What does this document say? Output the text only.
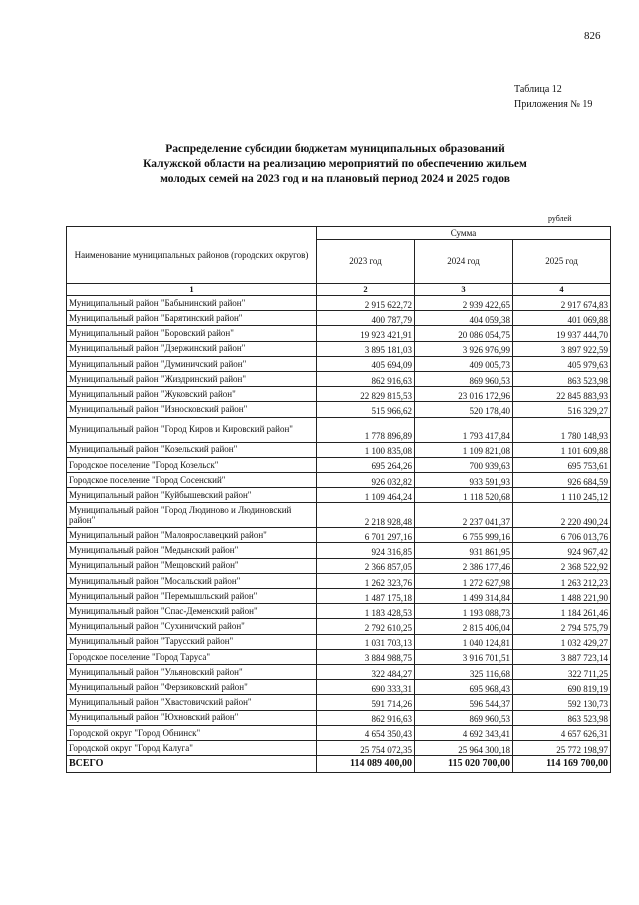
826
Таблица 12
Приложения № 19
Распределение субсидии бюджетам муниципальных образований
Калужской области на реализацию мероприятий по обеспечению жильем
молодых семей на 2023 год и на плановый период 2024 и 2025 годов
рублей
Наименование муниципальных районов (городских округов)	Сумма		
	2023 год	2024 год	2025 год
1	2	3	4
Муниципальный район "Бабынинский район"	2 915 622,72	2 939 422,65	2 917 674,83
Муниципальный район "Барятинский район"	400 787,79	404 059,38	401 069,88
Муниципальный район "Боровский район"	19 923 421,91	20 086 054,75	19 937 444,70
Муниципальный район "Дзержинский район"	3 895 181,03	3 926 976,99	3 897 922,59
Муниципальный район "Думиничский район"	405 694,09	409 005,73	405 979,63
Муниципальный район "Жиздринский район"	862 916,63	869 960,53	863 523,98
Муниципальный район "Жуковский район"	22 829 815,53	23 016 172,96	22 845 883,93
Муниципальный район "Износковский район"	515 966,62	520 178,40	516 329,27
Муниципальный район "Город Киров и Кировский район"	1 778 896,89	1 793 417,84	1 780 148,93
Муниципальный район "Козельский район"	1 100 835,08	1 109 821,08	1 101 609,88
Городское поселение "Город Козельск"	695 264,26	700 939,63	695 753,61
Городское поселение "Город Сосенский"	926 032,82	933 591,93	926 684,59
Муниципальный район "Куйбышевский район"	1 109 464,24	1 118 520,68	1 110 245,12
Муниципальный район "Город Людиново и Людиновский район"	2 218 928,48	2 237 041,37	2 220 490,24
Муниципальный район "Малоярославецкий район"	6 701 297,16	6 755 999,16	6 706 013,76
Муниципальный район "Медынский район"	924 316,85	931 861,95	924 967,42
Муниципальный район "Мещовский район"	2 366 857,05	2 386 177,46	2 368 522,92
Муниципальный район "Мосальский район"	1 262 323,76	1 272 627,98	1 263 212,23
Муниципальный район "Перемышльский район"	1 487 175,18	1 499 314,84	1 488 221,90
Муниципальный район "Спас-Деменский район"	1 183 428,53	1 193 088,73	1 184 261,46
Муниципальный район "Сухиничский район"	2 792 610,25	2 815 406,04	2 794 575,79
Муниципальный район "Тарусский район"	1 031 703,13	1 040 124,81	1 032 429,27
Городское поселение "Город Таруса"	3 884 988,75	3 916 701,51	3 887 723,14
Муниципальный район "Ульяновский район"	322 484,27	325 116,68	322 711,25
Муниципальный район "Ферзиковский район"	690 333,31	695 968,43	690 819,19
Муниципальный район "Хвастовичский район"	591 714,26	596 544,37	592 130,73
Муниципальный район "Юхновский район"	862 916,63	869 960,53	863 523,98
Городской округ "Город Обнинск"	4 654 350,43	4 692 343,41	4 657 626,31
Городской округ "Город Калуга"	25 754 072,35	25 964 300,18	25 772 198,97
ВСЕГО	114 089 400,00	115 020 700,00	114 169 700,00
